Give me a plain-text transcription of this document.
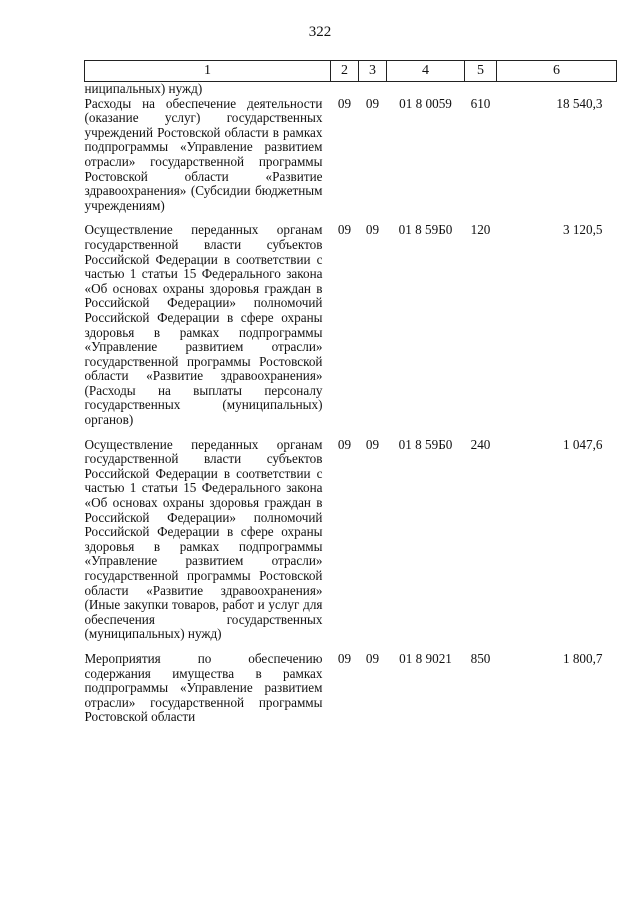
322
1	2	3	4	5	6
ниципальных) нужд)					
Расходы на обеспечение деятельности (оказание услуг) государственных учреждений Ростовской области в рамках подпрограммы «Управление развитием отрасли» государственной программы Ростовской области «Развитие здравоохранения» (Субсидии бюджетным учреждениям)	09	09	01 8 0059	610	18 540,3
Осуществление переданных органам государственной власти субъектов Российской Федерации в соответствии с частью 1 статьи 15 Федерального закона «Об основах охраны здоровья граждан в Российской Федерации» полномочий Российской Федерации в сфере охраны здоровья в рамках подпрограммы «Управление развитием отрасли» государственной программы Ростовской области «Развитие здравоохранения» (Расходы на выплаты персоналу государственных (муниципальных) органов)	09	09	01 8 59Б0	120	3 120,5
Осуществление переданных органам государственной власти субъектов Российской Федерации в соответствии с частью 1 статьи 15 Федерального закона «Об основах охраны здоровья граждан в Российской Федерации» полномочий Российской Федерации в сфере охраны здоровья в рамках подпрограммы «Управление развитием отрасли» государственной программы Ростовской области «Развитие здравоохранения» (Иные закупки товаров, работ и услуг для обеспечения государственных (муниципальных) нужд)	09	09	01 8 59Б0	240	1 047,6
Мероприятия по обеспечению содержания имущества в рамках подпрограммы «Управление развитием отрасли» государственной программы Ростовской области	09	09	01 8 9021	850	1 800,7
